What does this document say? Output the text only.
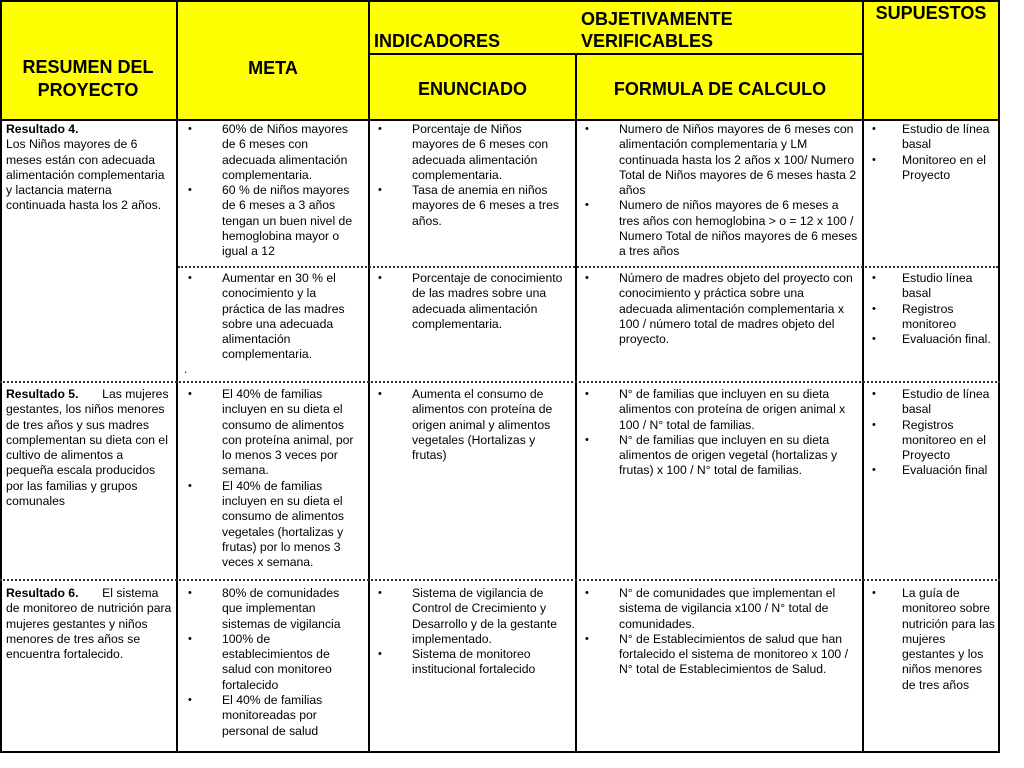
RESUMEN DEL PROYECTO
META
INDICADORES
OBJETIVAMENTE VERIFICABLES
ENUNCIADO	FORMULA DE CALCULO
SUPUESTOS
Resultado 4.
Los Niños mayores de 6 meses están con adecuada alimentación complementaria y lactancia materna continuada hasta los 2 años.
• 60% de Niños mayores de 6 meses con adecuada alimentación complementaria.
• 60 % de niños mayores de 6 meses a 3 años tengan un buen nivel de hemoglobina mayor o igual a 12
• Porcentaje de Niños mayores de 6 meses con adecuada alimentación complementaria.
• Tasa de anemia en niños mayores de 6 meses a tres años.
• Numero de Niños mayores de 6 meses con alimentación complementaria y LM continuada hasta los 2 años x 100/ Numero Total de Niños mayores de 6 meses hasta 2 años
• Numero de niños mayores de 6 meses a tres años con hemoglobina > o = 12 x 100 / Numero Total de niños mayores de 6 meses a tres años
• Estudio de línea basal
• Monitoreo en el Proyecto
• Aumentar en 30 % el conocimiento y la práctica de las madres sobre una adecuada alimentación complementaria.
.
• Porcentaje de conocimiento de las madres sobre una adecuada alimentación complementaria.
• Número de madres objeto del proyecto con conocimiento y práctica sobre una adecuada alimentación complementaria x 100 / número total de madres objeto del proyecto.
• Estudio línea basal
• Registros monitoreo
• Evaluación final.
Resultado 5. Las mujeres gestantes, los niños menores de tres años y sus madres complementan su dieta con el cultivo de alimentos a pequeña escala producidos por las familias y grupos comunales
• El 40% de familias incluyen en su dieta el consumo de alimentos con proteína animal, por lo menos 3 veces por semana.
• El 40% de familias incluyen en su dieta el consumo de alimentos vegetales (hortalizas y frutas) por lo menos 3 veces x semana.
• Aumenta el consumo de alimentos con proteína de origen animal y alimentos vegetales (Hortalizas y frutas)
• N° de familias que incluyen en su dieta alimentos con proteína de origen animal x 100 / N° total de familias.
• N° de familias que incluyen en su dieta alimentos de origen vegetal (hortalizas y frutas) x 100 / N° total de familias.
• Estudio de línea basal
• Registros monitoreo en el Proyecto
• Evaluación final
Resultado 6. El sistema de monitoreo de nutrición para mujeres gestantes y niños menores de tres años se encuentra fortalecido.
• 80% de comunidades que implementan sistemas de vigilancia
• 100% de establecimientos de salud con monitoreo fortalecido
• El 40% de familias monitoreadas por personal de salud
• Sistema de vigilancia de Control de Crecimiento y Desarrollo y de la gestante implementado.
• Sistema de monitoreo institucional fortalecido
• N° de comunidades que implementan el sistema de vigilancia x100 / N° total de comunidades.
• N° de Establecimientos de salud que han fortalecido el sistema de monitoreo x 100 / N° total de Establecimientos de Salud.
• La guía de monitoreo sobre nutrición para las mujeres gestantes y los niños menores de tres años
